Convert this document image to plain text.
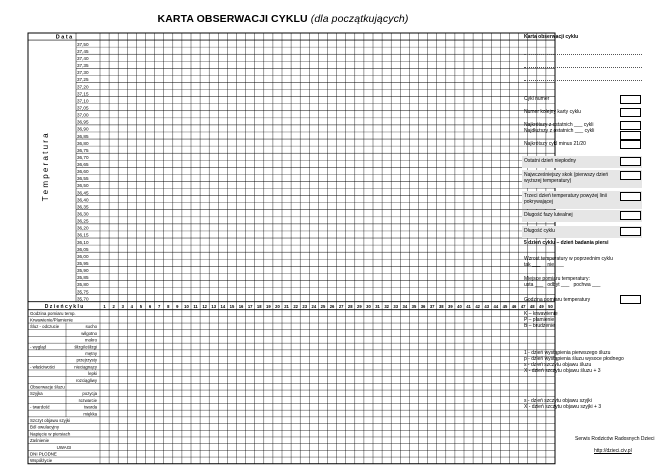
KARTA OBSERWACJI CYKLU (dla początkujących)
D a t a
T e m p e r a t u r a
37,50
37,45
37,40
37,35
37,30
37,25
37,20
37,15
37,10
37,05
37,00
36,95
36,90
36,85
36,80
36,75
36,70
36,65
36,60
36,55
36,50
36,45
36,40
36,35
36,30
36,25
36,20
36,15
36,10
36,05
36,00
35,95
35,90
35,85
35,80
35,75
35,70
D z i e ń c y k l u	1 2 3 4 5 6 7 8 9 10 11 12 13 14 15 16 17 18 19 20 21 22 23 24 25 26 27 28 29 30 31 32 33 34 35 36 37 38 39 40 41 42 43 44 45 46 47 48 49 50
Godzina pomiaru temp.
Krwawienie/Plamienie
sucho
Śluz - odczucie
wilgotno
mokro
ślizgi/oślizgi
- wygląd
mętny
przejrzysty
nieciągnący
- właściwości
lepki
rozciągliwy
Obserwacje śluzu
pozycja
Szyjka
rozwarcie
twarda
- twardość
miękka
Szczyt objawu szyjki
Ból owulacyjny
Napięcie w piersiach
Zaśnienie
UWAGI
DNI PŁODNE
Współżycie
Karta obserwacji cyklu
Cykl numer
Numer kolejny karty cyklu
Najkrótszy z ostatnich ___ cykli
Najdłuższy z ostatnich ___ cykli
Najkrótszy cykl minus 21/20
Ostatni dzień niepłodny
Najwcześniejszy skok (pierwszy dzień
wyższej temperatury)
Trzeci dzień temperatury powyżej linii
pokrywającej
Długość fazy lutealnej
Długość cyklu
5 dzień cyklu – dzień badania piersi
Wzrost temperatury w poprzednim cyklu
tak ___     nie ___
Miejsce pomiaru temperatury:
usta ___   odbyt ___   pochwa ___
Godzina pomiaru temperatury
K – krwawienie
P – plamienie
B – brudzenie
1 - dzień wystąpienia pierwszego śluzu
p - dzień wystąpienia śluzu wysoce płodnego
s - dzień szczytu objawu śluzu
X - dzień szczytu objawu śluzu + 3
s - dzień szczytu objawu szyjki
X - dzień szczytu objawu szyjki + 3
Serwis Rodziców Radosnych Dzieci
http://dzieci.civ.pl
